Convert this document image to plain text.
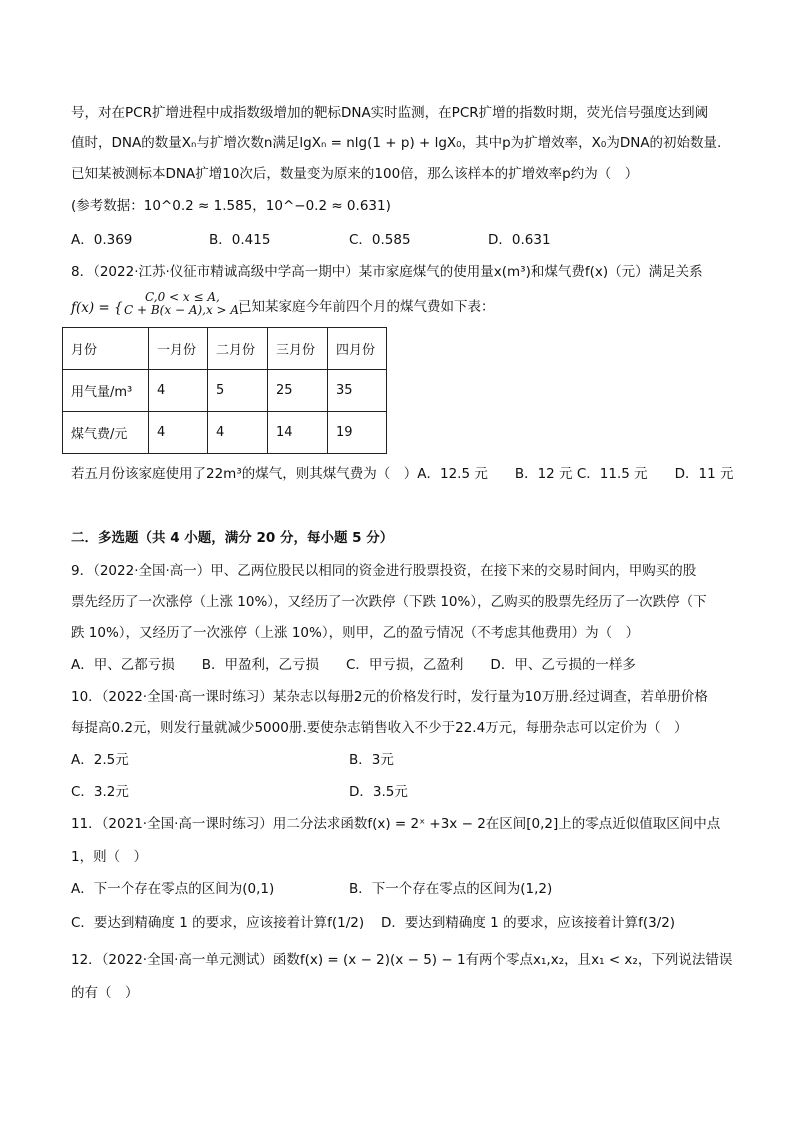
号，对在PCR扩增进程中成指数级增加的靶标DNA实时监测，在PCR扩增的指数时期，荧光信号强度达到阈
值时，DNA的数量Xₙ与扩增次数n满足lgXₙ = nlg(1 + p) + lgX₀，其中p为扩增效率，X₀为DNA的初始数量.
已知某被测标本DNA扩增10次后，数量变为原来的100倍，那么该样本的扩增效率p约为（　）
(参考数据：10^0.2 ≈ 1.585，10^−0.2 ≈ 0.631)
A．0.369	B．0.415	C．0.585	D．0.631
8．（2022·江苏·仪征市精诚高级中学高一期中）某市家庭煤气的使用量x(m³)和煤气费f(x)（元）满足关系
f(x) = {
C,0 < x ≤ A,
C + B(x − A),x > A.
已知某家庭今年前四个月的煤气费如下表：
月份	一月份	二月份	三月份	四月份
用气量/m³	4	5	25	35
煤气费/元	4	4	14	19
若五月份该家庭使用了22m³的煤气，则其煤气费为（　）A．12.5 元　　B．12 元 C．11.5 元　　D．11 元
二．多选题（共 4 小题，满分 20 分，每小题 5 分）
9．（2022·全国·高一）甲、乙两位股民以相同的资金进行股票投资，在接下来的交易时间内，甲购买的股
票先经历了一次涨停（上涨 10%），又经历了一次跌停（下跌 10%），乙购买的股票先经历了一次跌停（下
跌 10%），又经历了一次涨停（上涨 10%），则甲，乙的盈亏情况（不考虑其他费用）为（　）
A．甲、乙都亏损　　B．甲盈利，乙亏损　　C．甲亏损，乙盈利　　D．甲、乙亏损的一样多
10．（2022·全国·高一课时练习）某杂志以每册2元的价格发行时，发行量为10万册.经过调查，若单册价格
每提高0.2元，则发行量就减少5000册.要使杂志销售收入不少于22.4万元，每册杂志可以定价为（　）
A．2.5元	B．3元
C．3.2元	D．3.5元
11．（2021·全国·高一课时练习）用二分法求函数f(x) = 2ˣ +3x − 2在区间[0,2]上的零点近似值取区间中点
1，则（　）
A．下一个存在零点的区间为(0,1)	B．下一个存在零点的区间为(1,2)
C．要达到精确度 1 的要求，应该接着计算f(1/2) D．要达到精确度 1 的要求，应该接着计算f(3/2)
12．（2022·全国·高一单元测试）函数f(x) = (x − 2)(x − 5) − 1有两个零点x₁,x₂，且x₁ < x₂，下列说法错误
的有（　）
